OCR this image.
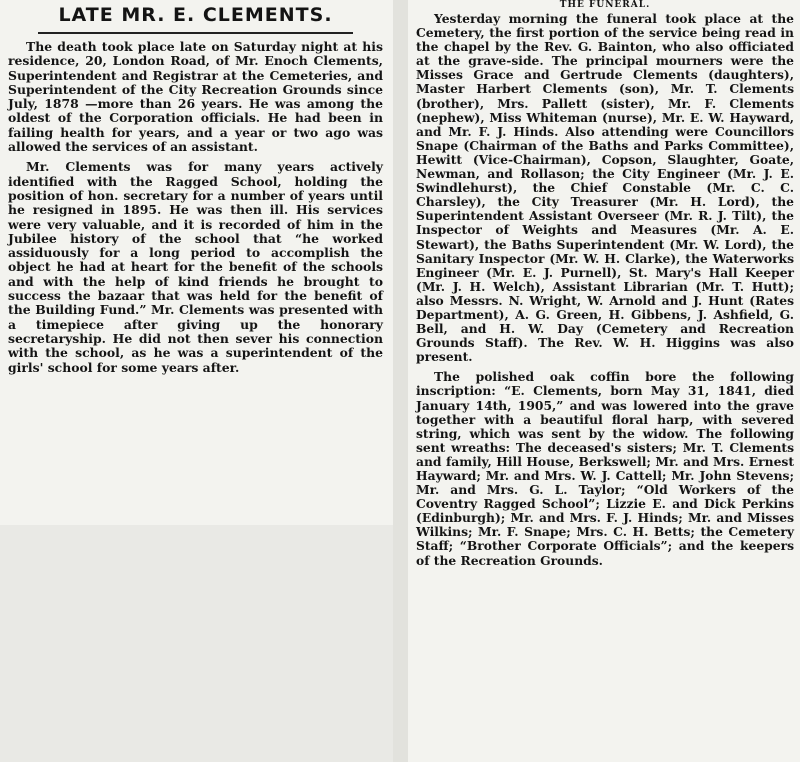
LATE MR. E. CLEMENTS.

The death took place late on Saturday night at his residence, 20, London Road, of Mr. Enoch Clements, Superintendent and Registrar at the Cemeteries, and Superintendent of the City Recreation Grounds since July, 1878 —more than 26 years. He was among the oldest of the Corporation officials. He had been in failing health for years, and a year or two ago was allowed the services of an assistant.

Mr. Clements was for many years actively identified with the Ragged School, holding the position of hon. secretary for a number of years until he resigned in 1895. He was then ill. His services were very valuable, and it is recorded of him in the Jubilee history of the school that “he worked assiduously for a long period to accomplish the object he had at heart for the benefit of the schools and with the help of kind friends he brought to success the bazaar that was held for the benefit of the Building Fund.” Mr. Clements was presented with a timepiece after giving up the honorary secretaryship. He did not then sever his connection with the school, as he was a superintendent of the girls' school for some years after.

THE FUNERAL.

Yesterday morning the funeral took place at the Cemetery, the first portion of the service being read in the chapel by the Rev. G. Bainton, who also officiated at the grave-side. The principal mourners were the Misses Grace and Gertrude Clements (daughters), Master Harbert Clements (son), Mr. T. Clements (brother), Mrs. Pallett (sister), Mr. F. Clements (nephew), Miss Whiteman (nurse), Mr. E. W. Hayward, and Mr. F. J. Hinds. Also attending were Councillors Snape (Chairman of the Baths and Parks Committee), Hewitt (Vice-Chairman), Copson, Slaughter, Goate, Newman, and Rollason; the City Engineer (Mr. J. E. Swindlehurst), the Chief Constable (Mr. C. C. Charsley), the City Treasurer (Mr. H. Lord), the Superintendent Assistant Overseer (Mr. R. J. Tilt), the Inspector of Weights and Measures (Mr. A. E. Stewart), the Baths Superintendent (Mr. W. Lord), the Sanitary Inspector (Mr. W. H. Clarke), the Waterworks Engineer (Mr. E. J. Purnell), St. Mary's Hall Keeper (Mr. J. H. Welch), Assistant Librarian (Mr. T. Hutt); also Messrs. N. Wright, W. Arnold and J. Hunt (Rates Department), A. G. Green, H. Gibbens, J. Ashfield, G. Bell, and H. W. Day (Cemetery and Recreation Grounds Staff). The Rev. W. H. Higgins was also present.

The polished oak coffin bore the following inscription: “E. Clements, born May 31, 1841, died January 14th, 1905,” and was lowered into the grave together with a beautiful floral harp, with severed string, which was sent by the widow. The following sent wreaths: The deceased's sisters; Mr. T. Clements and family, Hill House, Berkswell; Mr. and Mrs. Ernest Hayward; Mr. and Mrs. W. J. Cattell; Mr. John Stevens; Mr. and Mrs. G. L. Taylor; “Old Workers of the Coventry Ragged School”; Lizzie E. and Dick Perkins (Edinburgh); Mr. and Mrs. F. J. Hinds; Mr. and Misses Wilkins; Mr. F. Snape; Mrs. C. H. Betts; the Cemetery Staff; “Brother Corporate Officials”; and the keepers of the Recreation Grounds.
